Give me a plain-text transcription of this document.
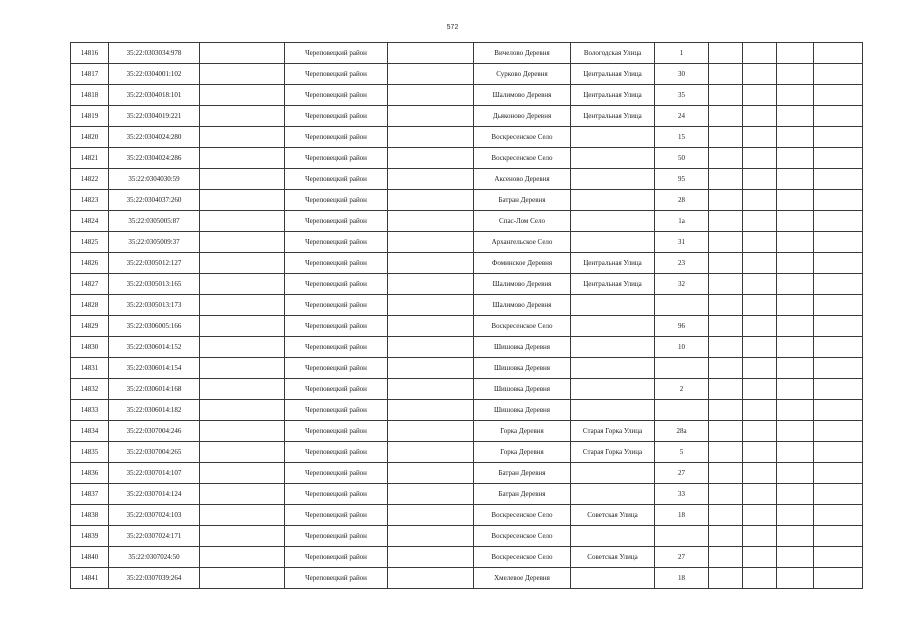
572
14816	35:22:0303034:978		Череповецкий район		Вичелово Деревня	Вологодская Улица	1				
14817	35:22:0304001:102		Череповецкий район		Сурково Деревня	Центральная Улица	30				
14818	35:22:0304018:101		Череповецкий район		Шалимово Деревня	Центральная Улица	35				
14819	35:22:0304019:221		Череповецкий район		Дьяконово Деревня	Центральная Улица	24				
14820	35:22:0304024:280		Череповецкий район		Воскресенское Село		15				
14821	35:22:0304024:286		Череповецкий район		Воскресенское Село		50				
14822	35:22:0304030:59		Череповецкий район		Аксеново Деревня		95				
14823	35:22:0304037:260		Череповецкий район		Батран Деревня		28				
14824	35:22:0305005:87		Череповецкий район		Спас-Лом Село		1а				
14825	35:22:0305009:37		Череповецкий район		Архангельское Село		31				
14826	35:22:0305012:127		Череповецкий район		Фоминское Деревня	Центральная Улица	23				
14827	35:22:0305013:165		Череповецкий район		Шалимово Деревня	Центральная Улица	32				
14828	35:22:0305013:173		Череповецкий район		Шалимово Деревня						
14829	35:22:0306005:166		Череповецкий район		Воскресенское Село		96				
14830	35:22:0306014:152		Череповецкий район		Шишовка Деревня		10				
14831	35:22:0306014:154		Череповецкий район		Шишовка Деревня						
14832	35:22:0306014:168		Череповецкий район		Шишовка Деревня		2				
14833	35:22:0306014:182		Череповецкий район		Шишовка Деревня						
14834	35:22:0307004:246		Череповецкий район		Горка Деревня	Старая Горка Улица	28а				
14835	35:22:0307004:265		Череповецкий район		Горка Деревня	Старая Горка Улица	5				
14836	35:22:0307014:107		Череповецкий район		Батран Деревня		27				
14837	35:22:0307014:124		Череповецкий район		Батран Деревня		33				
14838	35:22:0307024:103		Череповецкий район		Воскресенское Село	Советская Улица	18				
14839	35:22:0307024:171		Череповецкий район		Воскресенское Село						
14840	35:22:0307024:50		Череповецкий район		Воскресенское Село	Советская Улица	27				
14841	35:22:0307039:264		Череповецкий район		Хмелевое Деревня		18				
